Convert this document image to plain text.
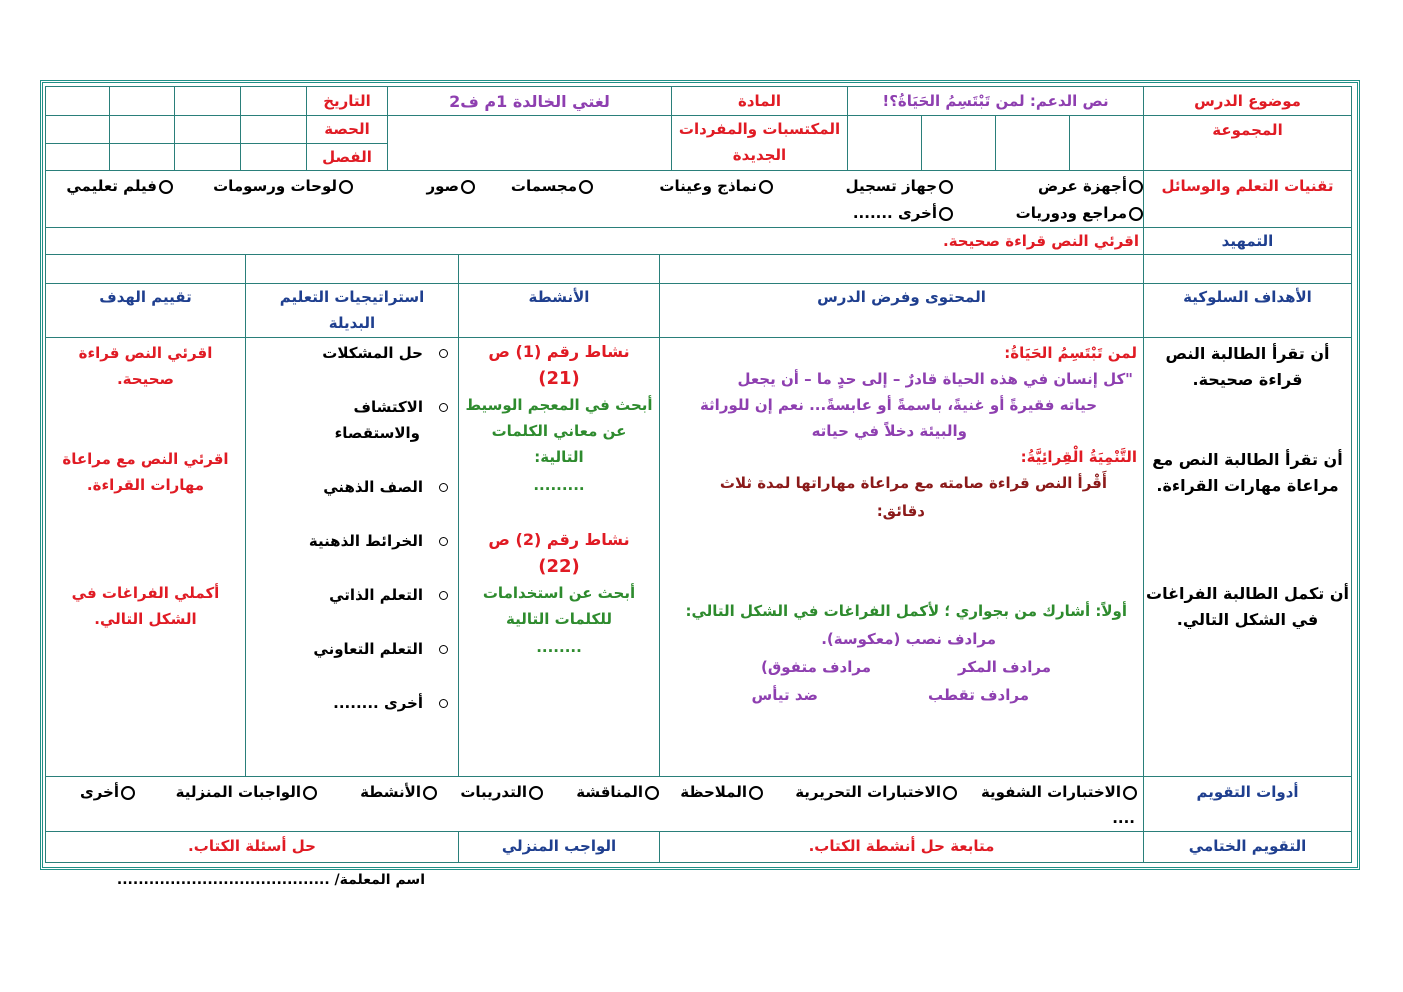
موضوع الدرس
نص الدعم: لمن تَبْتَسِمُ الحَيَاةُ؟!
المادة
لغتي الخالدة 1م ف2
التاريخ
المجموعة
المكتسبات والمفردات
الجديدة
الحصة
الفصل
تقنيات التعلم والوسائل
أجهزة عرض
جهاز تسجيل
نماذج وعينات
مجسمات
صور
لوحات ورسومات
فيلم تعليمي
مراجع ودوريات
أخرى .......
التمهيد
اقرئي النص قراءة صحيحة.
الأهداف السلوكية
المحتوى وفرض الدرس
الأنشطة
استراتيجيات التعليم
البديلة
تقييم الهدف
أن تقرأ الطالبة النص
قراءة صحيحة.
أن تقرأ الطالبة النص مع
مراعاة مهارات القراءة.
أن تكمل الطالبة الفراغات
في الشكل التالي.
لمن تَبْتَسِمُ الحَيَاةُ:
"كل إنسان في هذه الحياة قادرٌ – إلى حدٍ ما – أن يجعل
حياته فقيرةً أو غنيةً، باسمةً أو عابسةً... نعم إن للوراثة
والبيئة دخلاً في حياته
التَّنْمِيَةُ الْقِرائِيَّةُ:
أَقْرأ النص قراءة صامته مع مراعاة مهاراتها لمدة ثلاث
دقائق:
أولاً: أشارك من بجواري ؛ لأكمل الفراغات في الشكل التالي:
مرادف نصب (معكوسة).
مرادف المكر
مرادف متفوق)
مرادف تقطب
ضد تيأس
نشاط رقم (1) ص
(21)
أبحث في المعجم الوسيط
عن معاني الكلمات
التالية:
.........
نشاط رقم (2) ص
(22)
أبحث عن استخدامات
للكلمات التالية
........
حل المشكلات
الاكتشاف
والاستقصاء
الصف الذهني
الخرائط الذهنية
التعلم الذاتي
التعلم التعاوني
أخرى ........
اقرئي النص قراءة
صحيحة.
اقرئي النص مع مراعاة
مهارات القراءة.
أكملي الفراغات في
الشكل التالي.
أدوات التقويم
الاختبارات الشفوية
الاختبارات التحريرية
الملاحظة
المناقشة
التدريبات
الأنشطة
الواجبات المنزلية
أخرى
....
التقويم الختامي
متابعة حل أنشطة الكتاب.
الواجب المنزلي
حل أسئلة الكتاب.
اسم المعلمة/ ........................................
